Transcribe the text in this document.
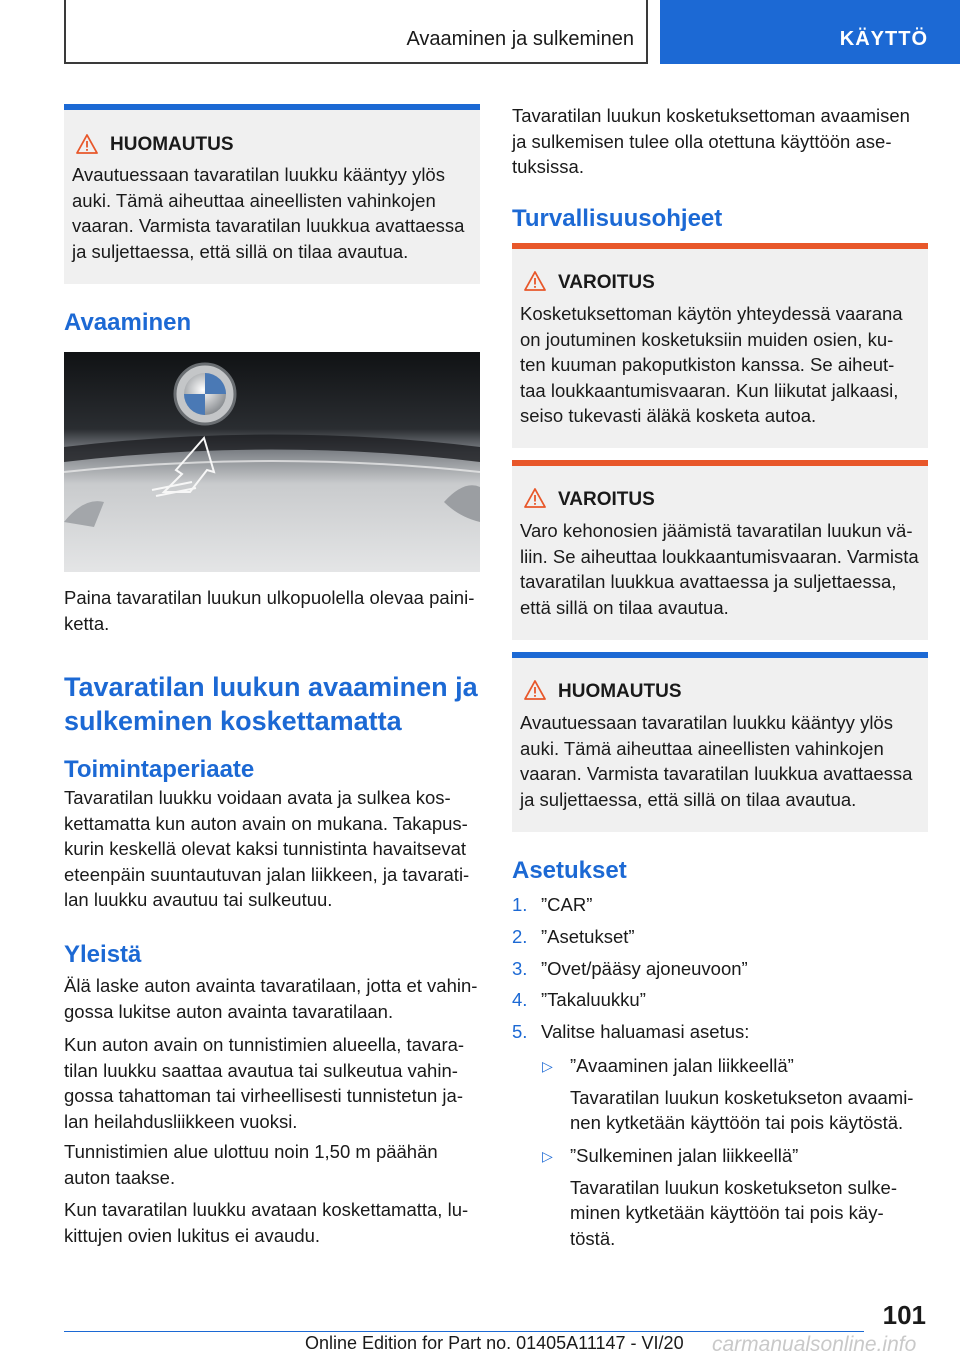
Avaaminen ja sulkeminen	KÄYTTÖ
HUOMAUTUS
Avautuessaan tavaratilan luukku kääntyy ylös
auki. Tämä aiheuttaa aineellisten vahinkojen
vaaran. Varmista tavaratilan luukkua avattaessa
ja suljettaessa, että sillä on tilaa avautua.
Avaaminen
Paina tavaratilan luukun ulkopuolella olevaa paini-
ketta.
Tavaratilan luukun avaaminen ja
sulkeminen koskettamatta
Toimintaperiaate
Tavaratilan luukku voidaan avata ja sulkea kos-
kettamatta kun auton avain on mukana. Takapus-
kurin keskellä olevat kaksi tunnistinta havaitsevat
eteenpäin suuntautuvan jalan liikkeen, ja tavarati-
lan luukku avautuu tai sulkeutuu.
Yleistä
Älä laske auton avainta tavaratilaan, jotta et vahin-
gossa lukitse auton avainta tavaratilaan.
Kun auton avain on tunnistimien alueella, tavara-
tilan luukku saattaa avautua tai sulkeutua vahin-
gossa tahattoman tai virheellisesti tunnistetun ja-
lan heilahdusliikkeen vuoksi.
Tunnistimien alue ulottuu noin 1,50 m päähän
auton taakse.
Kun tavaratilan luukku avataan koskettamatta, lu-
kittujen ovien lukitus ei avaudu.
Tavaratilan luukun kosketuksettoman avaamisen
ja sulkemisen tulee olla otettuna käyttöön ase-
tuksissa.
Turvallisuusohjeet
VAROITUS
Kosketuksettoman käytön yhteydessä vaarana
on joutuminen kosketuksiin muiden osien, ku-
ten kuuman pakoputkiston kanssa. Se aiheut-
taa loukkaantumisvaaran. Kun liikutat jalkaasi,
seiso tukevasti äläkä kosketa autoa.
VAROITUS
Varo kehonosien jäämistä tavaratilan luukun vä-
liin. Se aiheuttaa loukkaantumisvaaran. Varmista
tavaratilan luukkua avattaessa ja suljettaessa,
että sillä on tilaa avautua.
HUOMAUTUS
Avautuessaan tavaratilan luukku kääntyy ylös
auki. Tämä aiheuttaa aineellisten vahinkojen
vaaran. Varmista tavaratilan luukkua avattaessa
ja suljettaessa, että sillä on tilaa avautua.
Asetukset
1. ”CAR”
2. ”Asetukset”
3. ”Ovet/pääsy ajoneuvoon”
4. ”Takaluukku”
5. Valitse haluamasi asetus:
▷ ”Avaaminen jalan liikkeellä”
Tavaratilan luukun kosketukseton avaami-
nen kytketään käyttöön tai pois käytöstä.
▷ ”Sulkeminen jalan liikkeellä”
Tavaratilan luukun kosketukseton sulke-
minen kytketään käyttöön tai pois käy-
töstä.
101
Online Edition for Part no. 01405A11147 - VI/20 carmanualsonline.info
